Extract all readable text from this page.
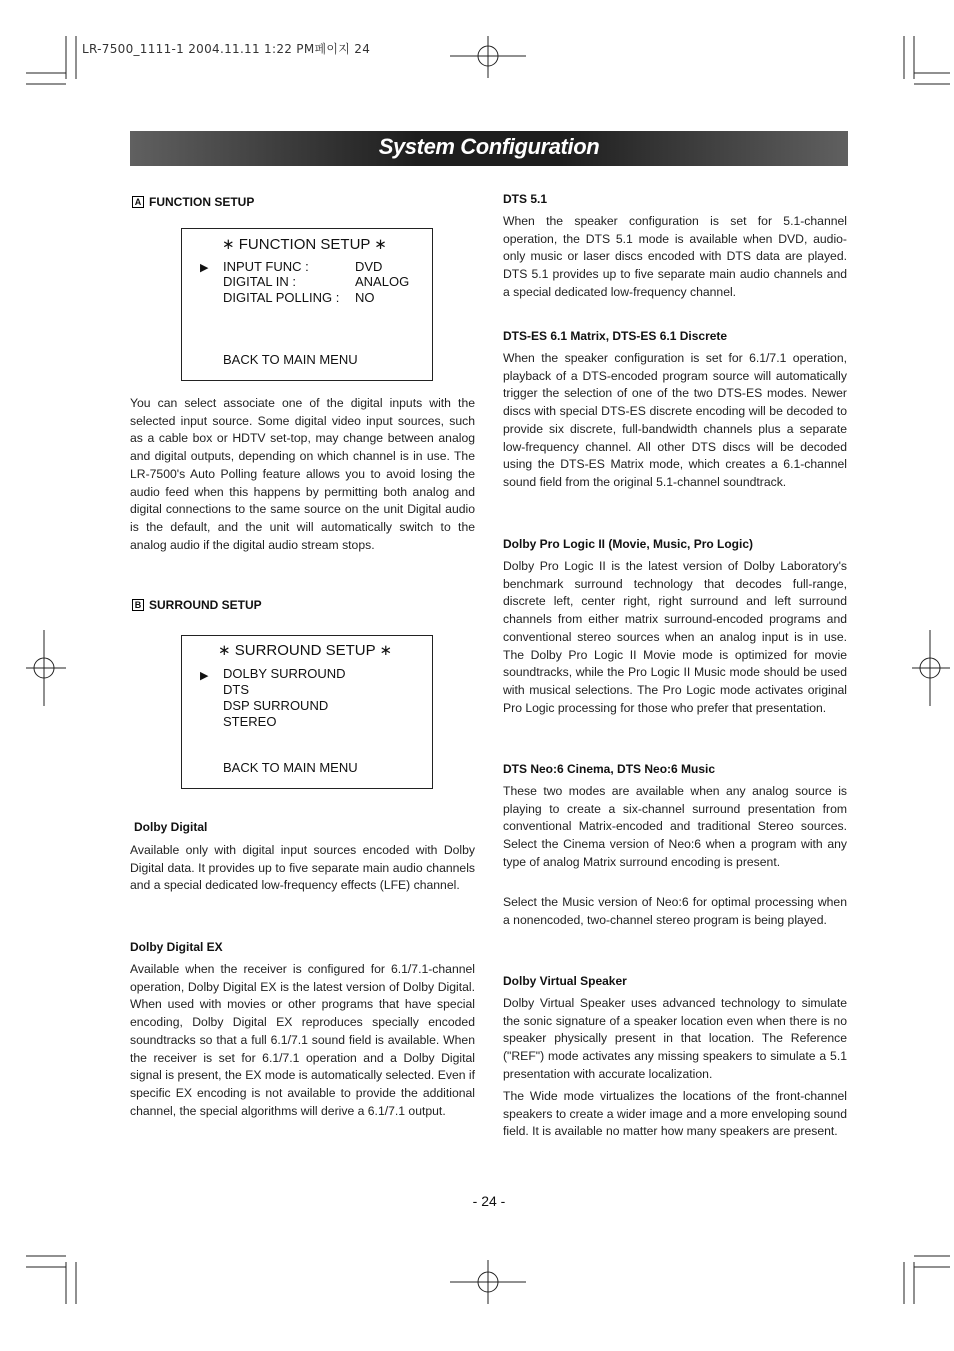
LR-7500_1111-1 2004.11.11 1:22 PM페이지 24
System Configuration
A FUNCTION SETUP
∗ FUNCTION SETUP ∗
▶ INPUT FUNC :	DVD
DIGITAL IN :	ANALOG
DIGITAL POLLING : NO
BACK TO MAIN MENU

You can select associate one of the digital inputs with the selected input source. Some digital video input sources, such as a cable box or HDTV set-top, may change between analog and digital outputs, depending on which channel is in use. The LR-7500's Auto Polling feature allows you to avoid losing the audio feed when this happens by permitting both analog and digital connections to the same source on the unit Digital audio is the default, and the unit will automatically switch to the analog audio if the digital audio stream stops.

B SURROUND SETUP
∗ SURROUND SETUP ∗
▶ DOLBY SURROUND
DTS
DSP SURROUND
STEREO
BACK TO MAIN MENU
Dolby Digital

Available only with digital input sources encoded with Dolby Digital data. It provides up to five separate main audio channels and a special dedicated low-frequency effects (LFE) channel.

Dolby Digital EX

Available when the receiver is configured for 6.1/7.1-channel operation, Dolby Digital EX is the latest version of Dolby Digital. When used with movies or other programs that have special encoding, Dolby Digital EX reproduces specially encoded soundtracks so that a full 6.1/7.1 sound field is available. When the receiver is set for 6.1/7.1 operation and a Dolby Digital signal is present, the EX mode is automatically selected. Even if specific EX encoding is not available to provide the additional channel, the special algorithms will derive a 6.1/7.1 output.

DTS 5.1

When the speaker configuration is set for 5.1-channel operation, the DTS 5.1 mode is available when DVD, audio-only music or laser discs encoded with DTS data are played. DTS 5.1 provides up to five separate main audio channels and a special dedicated low-frequency channel.

DTS-ES 6.1 Matrix, DTS-ES 6.1 Discrete

When the speaker configuration is set for 6.1/7.1 operation, playback of a DTS-encoded program source will automatically trigger the selection of one of the two DTS-ES modes. Newer discs with special DTS-ES discrete encoding will be decoded to provide six discrete, full-bandwidth channels plus a separate low-frequency channel. All other DTS discs will be decoded using the DTS-ES Matrix mode, which creates a 6.1-channel sound field from the original 5.1-channel soundtrack.

Dolby Pro Logic II (Movie, Music, Pro Logic)

Dolby Pro Logic II is the latest version of Dolby Laboratory's benchmark surround technology that decodes full-range, discrete left, center right, right surround and left surround channels from either matrix surround-encoded programs and conventional stereo sources when an analog input is in use. The Dolby Pro Logic II Movie mode is optimized for movie soundtracks, while the Pro Logic II Music mode should be used with musical selections. The Pro Logic mode activates original Pro Logic processing for those who prefer that presentation.

DTS Neo:6 Cinema, DTS Neo:6 Music

These two modes are available when any analog source is playing to create a six-channel surround presentation from conventional Matrix-encoded and traditional Stereo sources. Select the Cinema version of Neo:6 when a program with any type of analog Matrix surround encoding is present.

Select the Music version of Neo:6 for optimal processing when a nonencoded, two-channel stereo program is being played.

Dolby Virtual Speaker

Dolby Virtual Speaker uses advanced technology to simulate the sonic signature of a speaker location even when there is no speaker physically present in that location. The Reference ("REF") mode activates any missing speakers to simulate a 5.1 presentation with accurate localization.

The Wide mode virtualizes the locations of the front-channel speakers to create a wider image and a more enveloping sound field. It is available no matter how many speakers are present.

- 24 -
